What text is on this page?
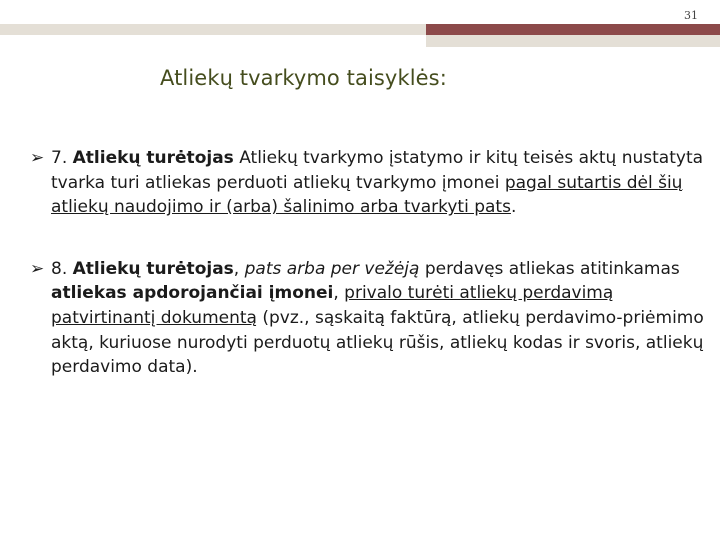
31
Atliekų tvarkymo taisyklės:
➢ 7. Atliekų turėtojas Atliekų tvarkymo įstatymo ir kitų teisės aktų nustatyta tvarka turi atliekas perduoti atliekų tvarkymo įmonei pagal sutartis dėl šių atliekų naudojimo ir (arba) šalinimo arba tvarkyti pats.
➢ 8. Atliekų turėtojas, pats arba per vežėją perdavęs atliekas atitinkamas atliekas apdorojančiai įmonei, privalo turėti atliekų perdavimą patvirtinantį dokumentą (pvz., sąskaitą faktūrą, atliekų perdavimo-priėmimo aktą, kuriuose nurodyti perduotų atliekų rūšis, atliekų kodas ir svoris, atliekų perdavimo data).
